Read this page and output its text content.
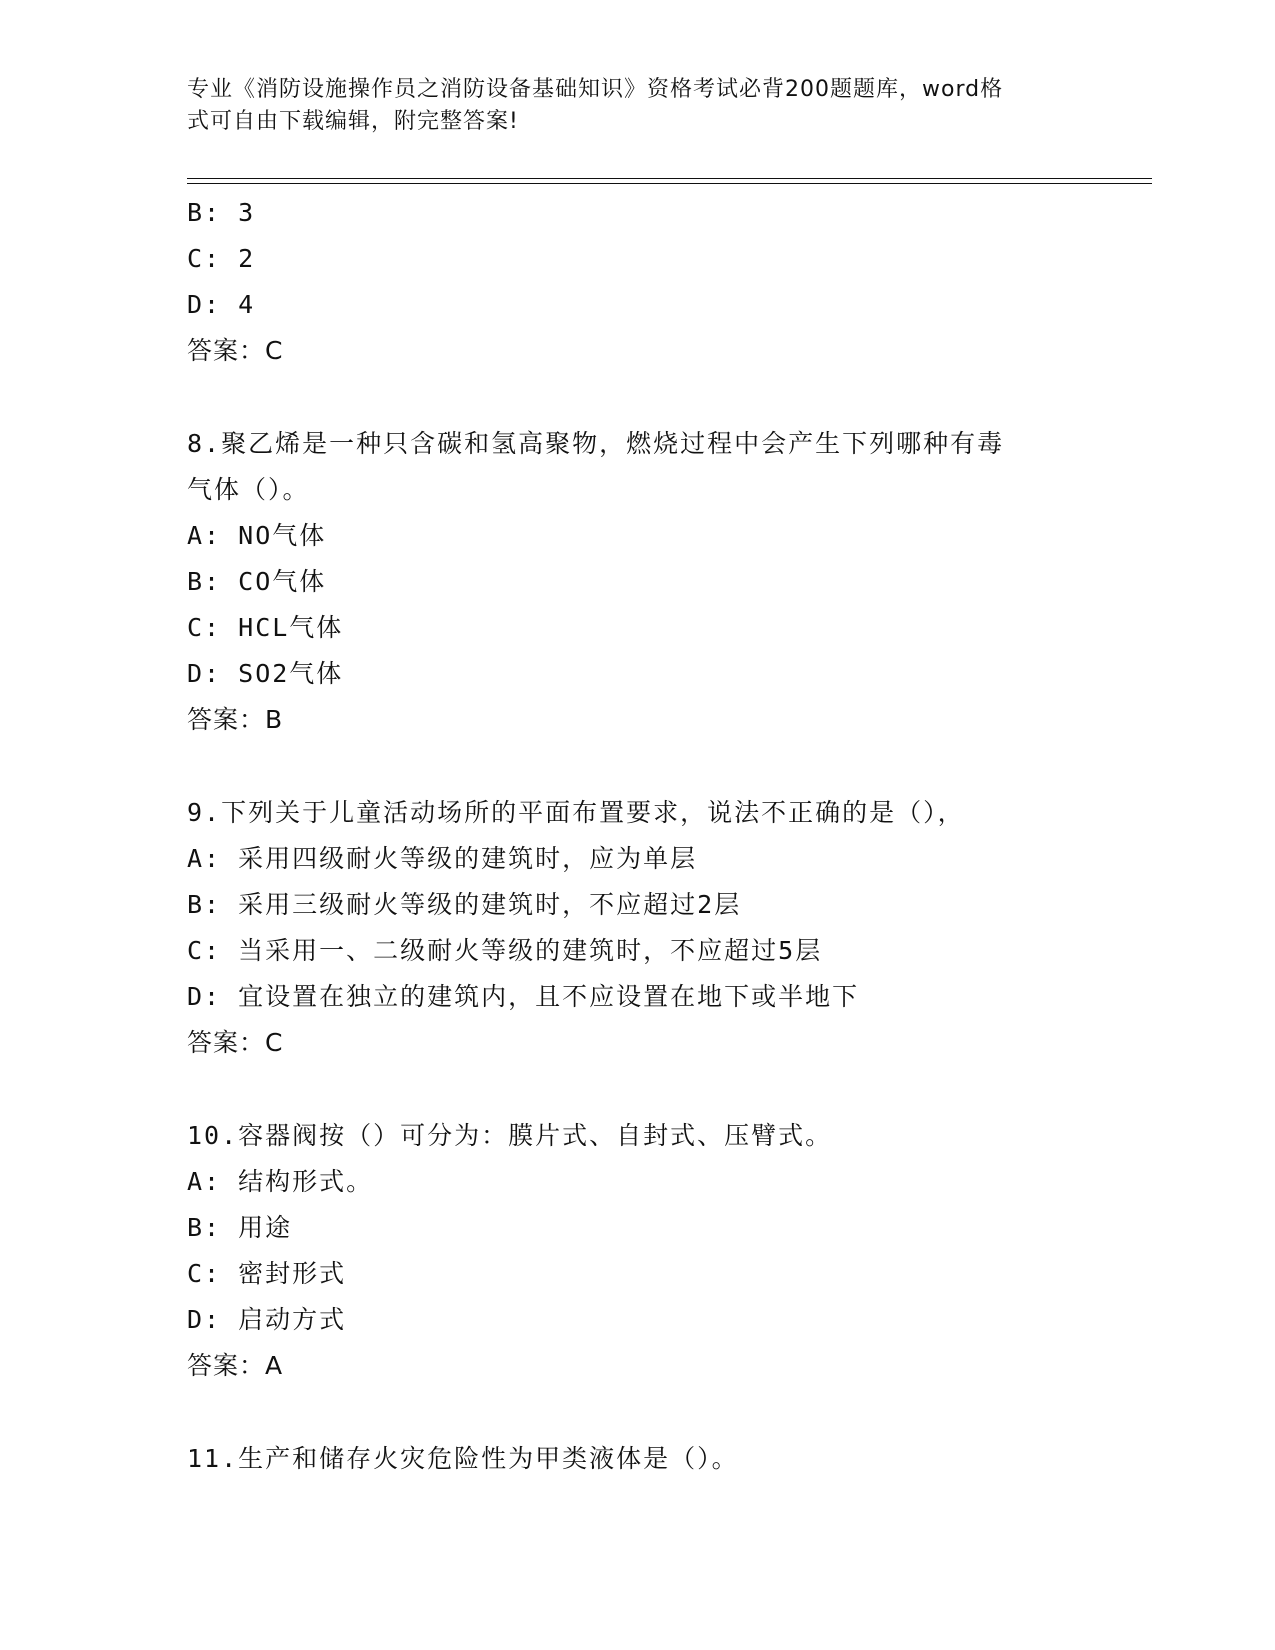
专业《消防设施操作员之消防设备基础知识》资格考试必背200题题库，word格
式可自由下载编辑，附完整答案!
B: 3
C: 2
D: 4
答案：C
8.聚乙烯是一种只含碳和氢高聚物，燃烧过程中会产生下列哪种有毒
气体（）。
A: NO气体
B: CO气体
C: HCL气体
D: SO2气体
答案：B
9.下列关于儿童活动场所的平面布置要求，说法不正确的是（），
A: 采用四级耐火等级的建筑时，应为单层
B: 采用三级耐火等级的建筑时，不应超过2层
C: 当采用一、二级耐火等级的建筑时，不应超过5层
D: 宜设置在独立的建筑内，且不应设置在地下或半地下
答案：C
10.容器阀按（）可分为：膜片式、自封式、压臂式。
A: 结构形式。
B: 用途
C: 密封形式
D: 启动方式
答案：A
11.生产和储存火灾危险性为甲类液体是（）。
